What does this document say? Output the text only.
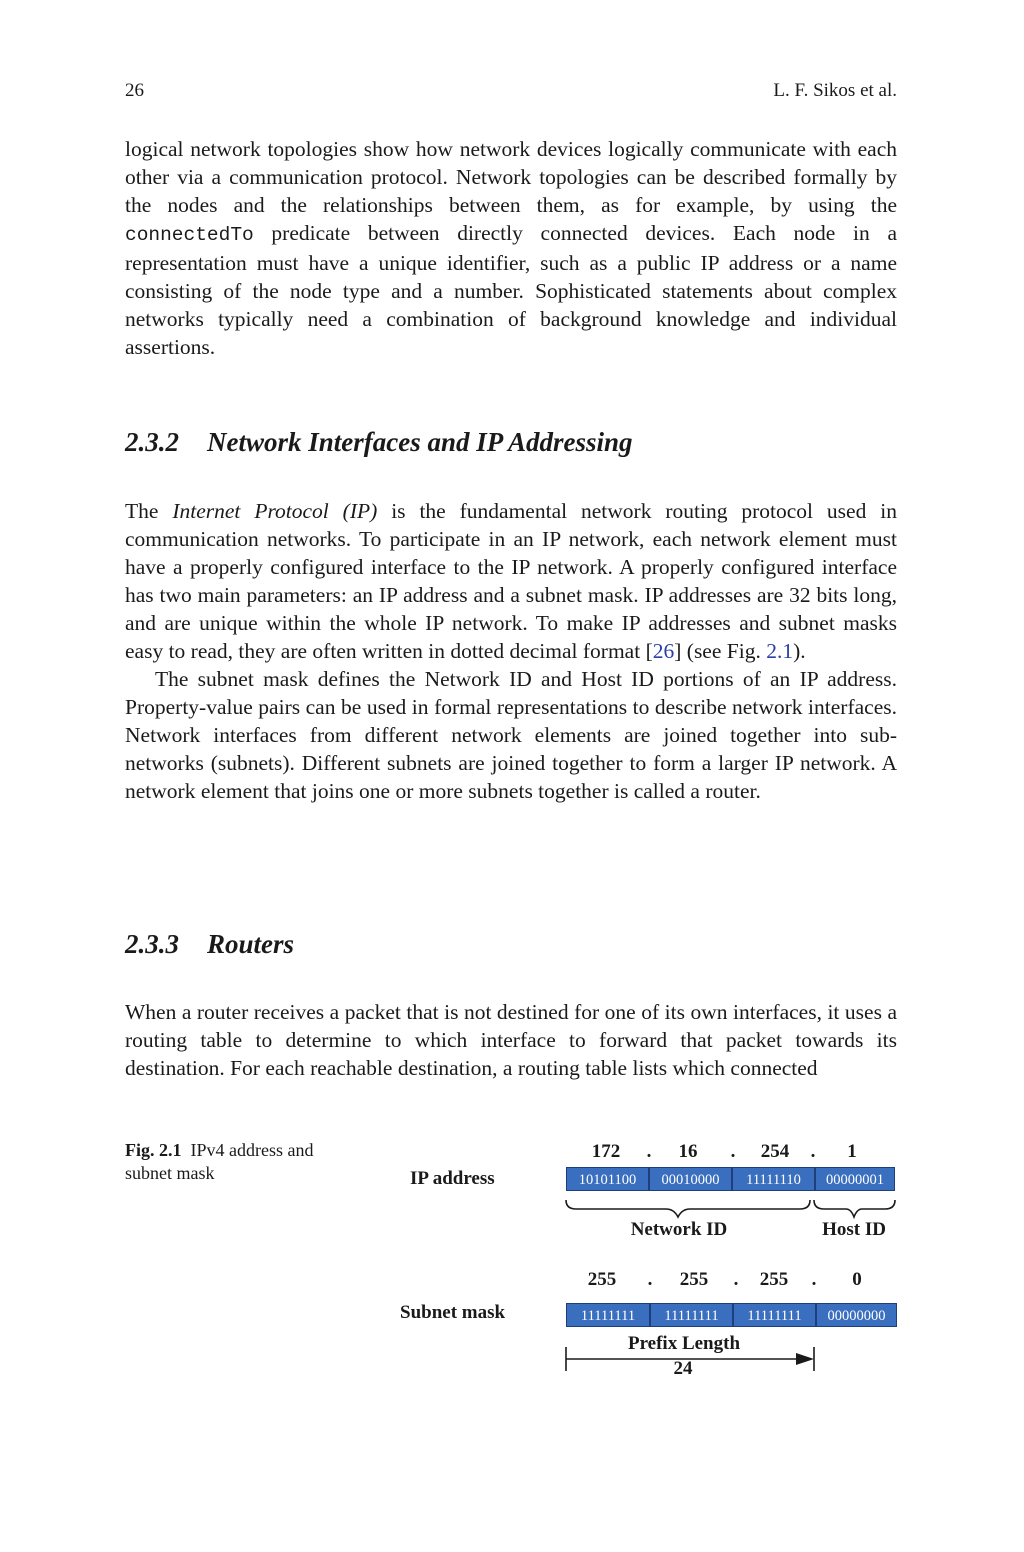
26	L. F. Sikos et al.

logical network topologies show how network devices logically communicate with each other via a communication protocol. Network topologies can be described formally by the nodes and the relationships between them, as for example, by using the connectedTo predicate between directly connected devices. Each node in a representation must have a unique identifier, such as a public IP address or a name consisting of the node type and a number. Sophisticated statements about complex networks typically need a combination of background knowledge and individual assertions.

2.3.2 Network Interfaces and IP Addressing

The Internet Protocol (IP) is the fundamental network routing protocol used in communication networks. To participate in an IP network, each network element must have a properly configured interface to the IP network. A properly configured interface has two main parameters: an IP address and a subnet mask. IP addresses are 32 bits long, and are unique within the whole IP network. To make IP addresses and subnet masks easy to read, they are often written in dotted decimal format [26] (see Fig. 2.1).

The subnet mask defines the Network ID and Host ID portions of an IP address. Property-value pairs can be used in formal representations to describe network interfaces. Network interfaces from different network elements are joined together into sub-networks (subnets). Different subnets are joined together to form a larger IP network. A network element that joins one or more subnets together is called a router.

2.3.3 Routers

When a router receives a packet that is not destined for one of its own interfaces, it uses a routing table to determine to which interface to forward that packet towards its destination. For each reachable destination, a routing table lists which connected

Fig. 2.1 IPv4 address and subnet mask
172	.	16	.	254	.	1
IP address	10101100	00010000	11111110	00000001
Network ID	Host ID
255	.	255	.	255	. 0
Subnet mask	11111111	11111111	11111111	00000000
Prefix Length
24
